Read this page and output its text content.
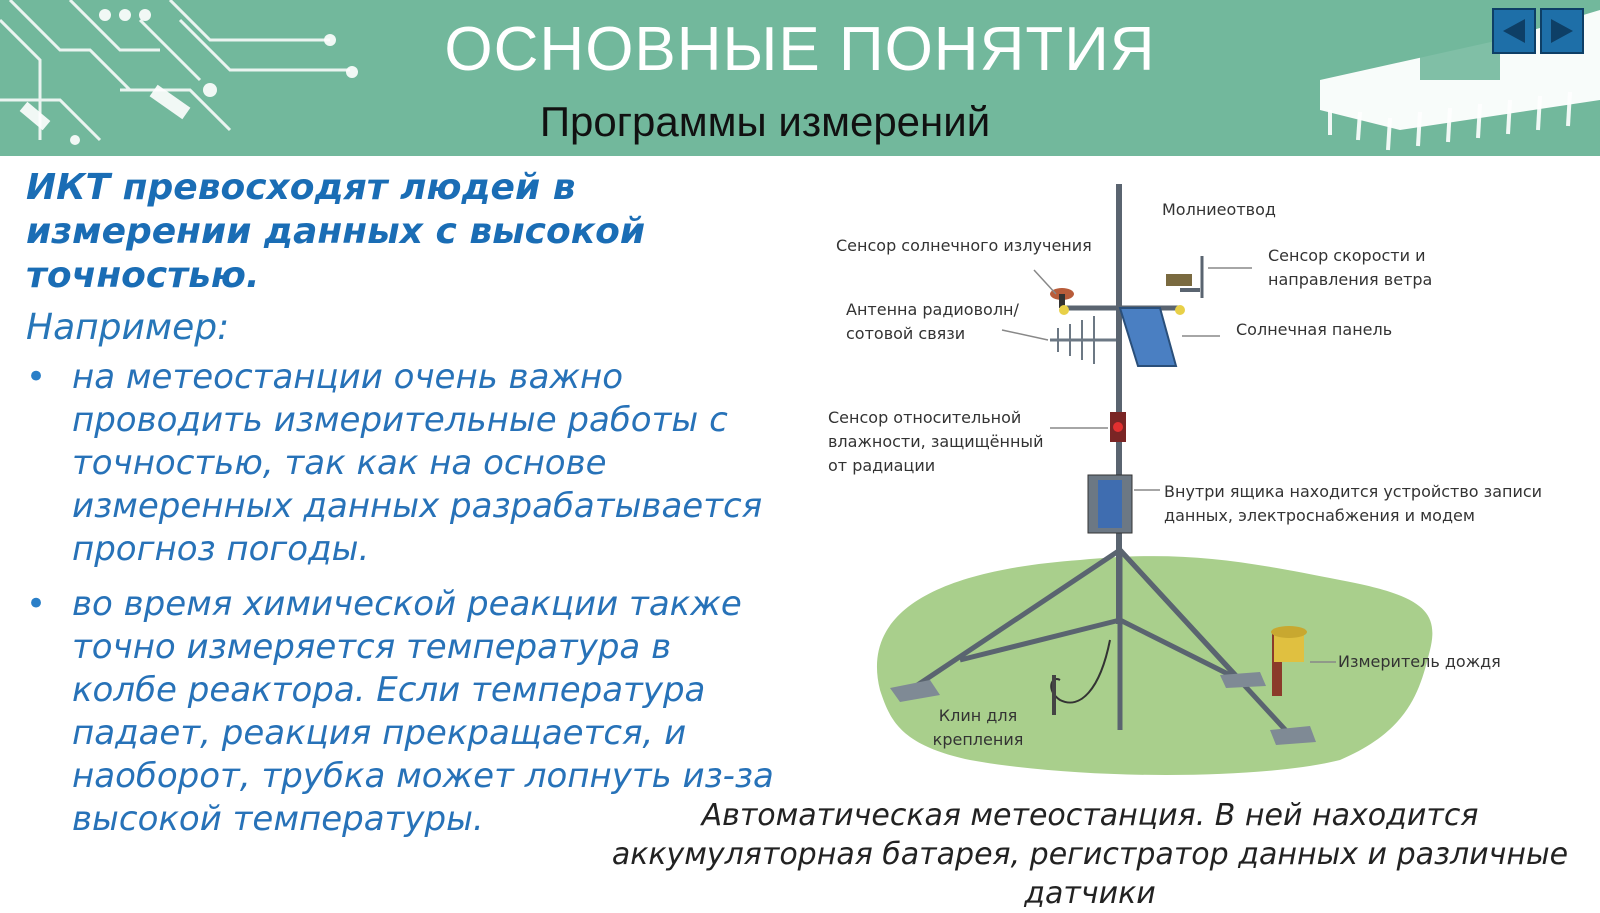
ОСНОВНЫЕ ПОНЯТИЯ
Программы измерений

ИКТ превосходят людей в измерении данных с высокой точностью.

Например:

• на метеостанции очень важно проводить измерительные работы с точностью, так как на основе измеренных данных разрабатывается прогноз погоды.
• во время химической реакции также точно измеряется температура в колбе реактора. Если температура падает, реакция прекращается, и наоборот, трубка может лопнуть из-за высокой температуры.
Молниеотвод
Сенсор солнечного излучения
Сенсор скорости и направления ветра
Антенна радиоволн/ сотовой связи	Солнечная панель
Сенсор относительной влажности, защищённый от радиации
Внутри ящика находится устройство записи данных, электроснабжения и модем
Измеритель дождя
Клин для крепления
Автоматическая метеостанция. В ней находится аккумуляторная батарея, регистратор данных и различные датчики
